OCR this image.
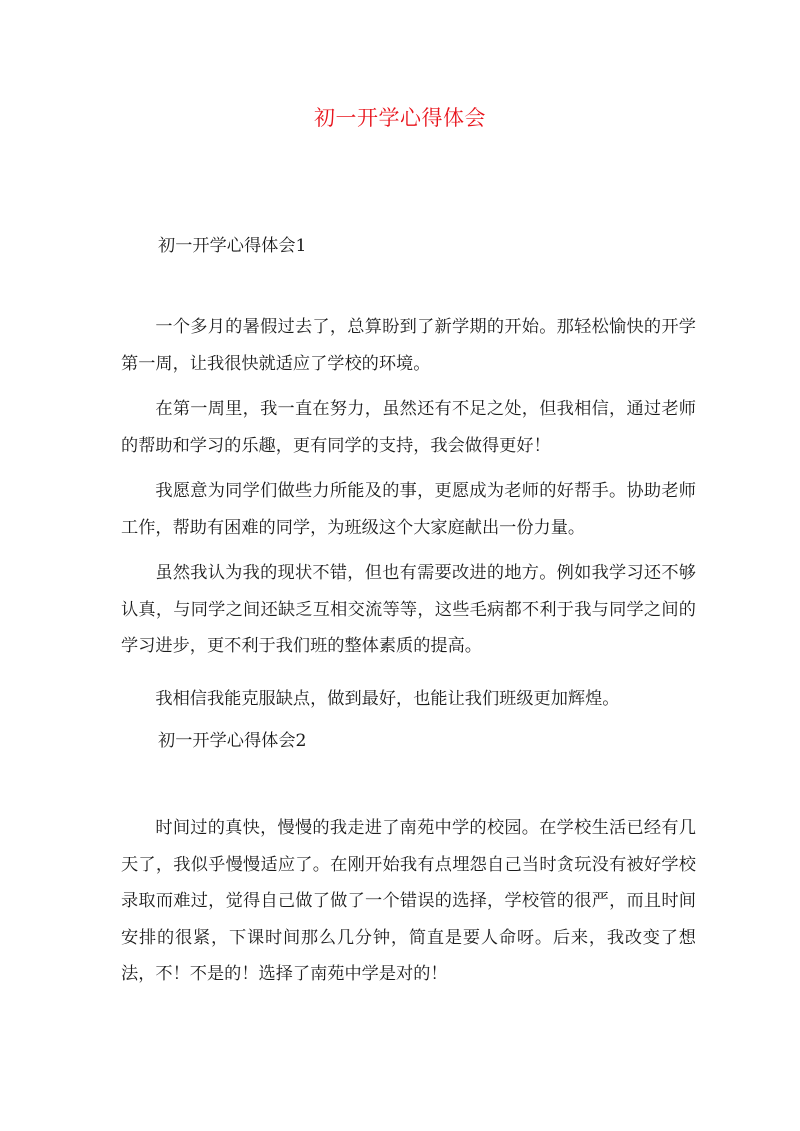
初一开学心得体会

初一开学心得体会1

一个多月的暑假过去了，总算盼到了新学期的开始。那轻松愉快的开学第一周，让我很快就适应了学校的环境。

在第一周里，我一直在努力，虽然还有不足之处，但我相信，通过老师的帮助和学习的乐趣，更有同学的支持，我会做得更好！

我愿意为同学们做些力所能及的事，更愿成为老师的好帮手。协助老师工作，帮助有困难的同学，为班级这个大家庭献出一份力量。

虽然我认为我的现状不错，但也有需要改进的地方。例如我学习还不够认真，与同学之间还缺乏互相交流等等，这些毛病都不利于我与同学之间的学习进步，更不利于我们班的整体素质的提高。

我相信我能克服缺点，做到最好，也能让我们班级更加辉煌。

初一开学心得体会2

时间过的真快，慢慢的我走进了南苑中学的校园。在学校生活已经有几天了，我似乎慢慢适应了。在刚开始我有点埋怨自己当时贪玩没有被好学校录取而难过，觉得自己做了做了一个错误的选择，学校管的很严，而且时间安排的很紧，下课时间那么几分钟，简直是要人命呀。后来，我改变了想法，不！不是的！选择了南苑中学是对的！
